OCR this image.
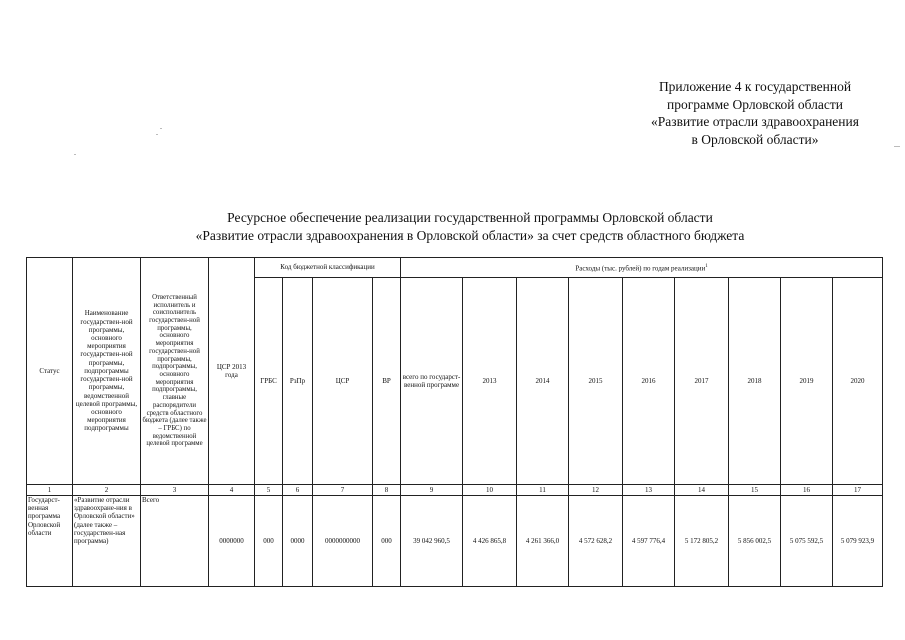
Приложение 4 к государственной
программе Орловской области
«Развитие отрасли здравоохранения
в Орловской области»
Ресурсное обеспечение реализации государственной программы Орловской области
«Развитие отрасли здравоохранения в Орловской области» за счет средств областного бюджета
Статус	Наименование государствен-ной программы, основного мероприятия государствен-ной программы, подпрограммы государствен-ной программы, ведомственной целевой программы, основного мероприятия подпрограммы	Ответственный исполнитель и соисполнитель государствен-ной программы, основного мероприятия государствен-ной программы, подпрограммы, основного мероприятия подпрограммы, главные распорядители средств областного бюджета (далее также – ГРБС) по ведомственной целевой программе	ЦСР 2013 года	Код бюджетной классификации				Расходы (тыс. рублей) по годам реализации$^1$
				ГРБС	РзПр	ЦСР	ВР	всего по государст-венной программе	2013	2014	2015	2016	2017	2018	2019	2020
1	2	3	4	5	6	7	8	9	10	11	12	13	14	15	16	17
Государст-венная программа Орловской области	«Развитие отрасли здравоохране-ния в Орловской области» (далее также – государствен-ная программа)	Всего	0000000	000	0000	0000000000	000	39 042 960,5	4 426 865,8	4 261 366,0	4 572 628,2	4 597 776,4	5 172 805,2	5 856 002,5	5 075 592,5	5 079 923,9
